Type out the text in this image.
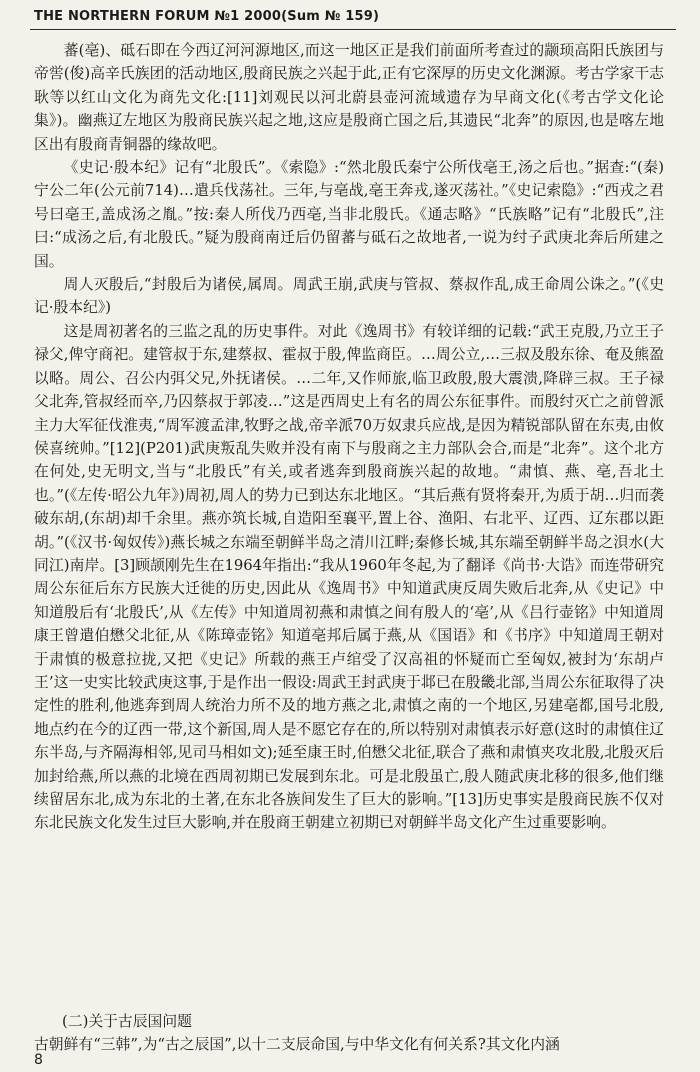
THE NORTHERN FORUM №1 2000(Sum № 159)

蕃(亳)、砥石即在今西辽河河源地区,而这一地区正是我们前面所考查过的颛顼高阳氏族团与帝喾(俊)高辛氏族团的活动地区,殷商民族之兴起于此,正有它深厚的历史文化渊源。考古学家干志耿等以红山文化为商先文化:[11]刘观民以河北蔚县壶河流域遗存为早商文化(《考古学文化论集》)。幽燕辽左地区为殷商民族兴起之地,这应是殷商亡国之后,其遗民“北奔”的原因,也是喀左地区出有殷商青铜器的缘故吧。

《史记·殷本纪》记有“北殷氏”。《索隐》:“然北殷氏秦宁公所伐亳王,汤之后也。”据查:“(秦)宁公二年(公元前714)…遣兵伐荡社。三年,与亳战,亳王奔戎,遂灭荡社。”《史记索隐》:“西戎之君号曰亳王,盖成汤之胤。”按:秦人所伐乃西亳,当非北殷氏。《通志略》“氏族略”记有“北殷氏”,注曰:“成汤之后,有北殷氏。”疑为殷商南迁后仍留蕃与砥石之故地者,一说为纣子武庚北奔后所建之国。

周人灭殷后,“封殷后为诸侯,属周。周武王崩,武庚与管叔、蔡叔作乱,成王命周公诛之。”(《史记·殷本纪》)

这是周初著名的三监之乱的历史事件。对此《逸周书》有较详细的记载:“武王克殷,乃立王子禄父,俾守商祀。建管叔于东,建蔡叔、霍叔于殷,俾监商臣。…周公立,…三叔及殷东徐、奄及熊盈以略。周公、召公内弭父兄,外抚诸侯。…二年,又作师旅,临卫政殷,殷大震溃,降辟三叔。王子禄父北奔,管叔经而卒,乃囚蔡叔于郭凌…”这是西周史上有名的周公东征事件。而殷纣灭亡之前曾派主力大军征伐淮夷,“周军渡孟津,牧野之战,帝辛派70万奴隶兵应战,是因为精锐部队留在东夷,由攸侯喜统帅。”[12](P201)武庚叛乱失败并没有南下与殷商之主力部队会合,而是“北奔”。这个北方在何处,史无明文,当与“北殷氏”有关,或者逃奔到殷商族兴起的故地。“肃慎、燕、亳,吾北土也。”(《左传·昭公九年》)周初,周人的势力已到达东北地区。“其后燕有贤将秦开,为质于胡…归而袭破东胡,(东胡)却千余里。燕亦筑长城,自造阳至襄平,置上谷、渔阳、右北平、辽西、辽东郡以距胡。”(《汉书·匈奴传》)燕长城之东端至朝鲜半岛之清川江畔;秦修长城,其东端至朝鲜半岛之浿水(大同江)南岸。[3]顾颉刚先生在1964年指出:“我从1960年冬起,为了翻译《尚书·大诰》而连带研究周公东征后东方民族大迁徙的历史,因此从《逸周书》中知道武庚反周失败后北奔,从《史记》中知道殷后有‘北殷氏’,从《左传》中知道周初燕和肃慎之间有殷人的‘亳’,从《吕行壶铭》中知道周康王曾遣伯懋父北征,从《陈璋壶铭》知道亳邦后属于燕,从《国语》和《书序》中知道周王朝对于肃慎的极意拉拢,又把《史记》所载的燕王卢绾受了汉高祖的怀疑而亡至匈奴,被封为‘东胡卢王’这一史实比较武庚这事,于是作出一假设:周武王封武庚于邶已在殷畿北部,当周公东征取得了决定性的胜利,他逃奔到周人统治力所不及的地方燕之北,肃慎之南的一个地区,另建亳都,国号北殷,地点约在今的辽西一带,这个新国,周人是不愿它存在的,所以特别对肃慎表示好意(这时的肃慎住辽东半岛,与齐隔海相邻,见司马相如文);延至康王时,伯懋父北征,联合了燕和肃慎夹攻北殷,北殷灭后加封给燕,所以燕的北境在西周初期已发展到东北。可是北殷虽亡,殷人随武庚北移的很多,他们继续留居东北,成为东北的土著,在东北各族间发生了巨大的影响。”[13]历史事实是殷商民族不仅对东北民族文化发生过巨大影响,并在殷商王朝建立初期已对朝鲜半岛文化产生过重要影响。

(二)关于古辰国问题
古朝鲜有“三韩”,为“古之辰国”,以十二支辰命国,与中华文化有何关系?其文化内涵
8
